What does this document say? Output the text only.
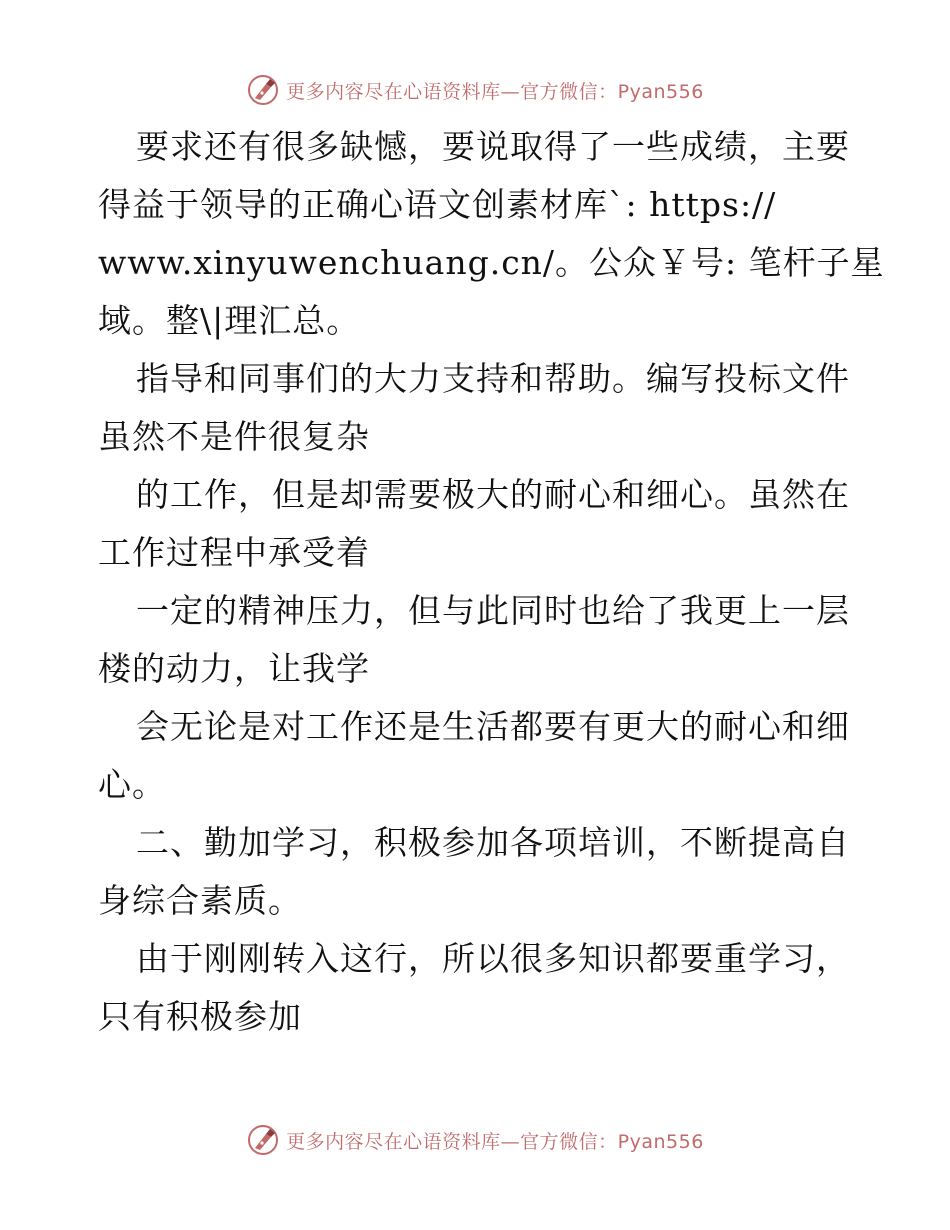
更多内容尽在心语资料库—官方微信：Pyan556
要求还有很多缺憾，要说取得了一些成绩，主要
得益于领导的正确心语文创素材库`: https://
www.xinyuwenchuang.cn/。公众￥号: 笔杆子星
域。整\|理汇总。
指导和同事们的大力支持和帮助。编写投标文件
虽然不是件很复杂
的工作，但是却需要极大的耐心和细心。虽然在
工作过程中承受着
一定的精神压力，但与此同时也给了我更上一层
楼的动力，让我学
会无论是对工作还是生活都要有更大的耐心和细
心。
二、勤加学习，积极参加各项培训，不断提高自
身综合素质。
由于刚刚转入这行，所以很多知识都要重学习，
只有积极参加
更多内容尽在心语资料库—官方微信：Pyan556
